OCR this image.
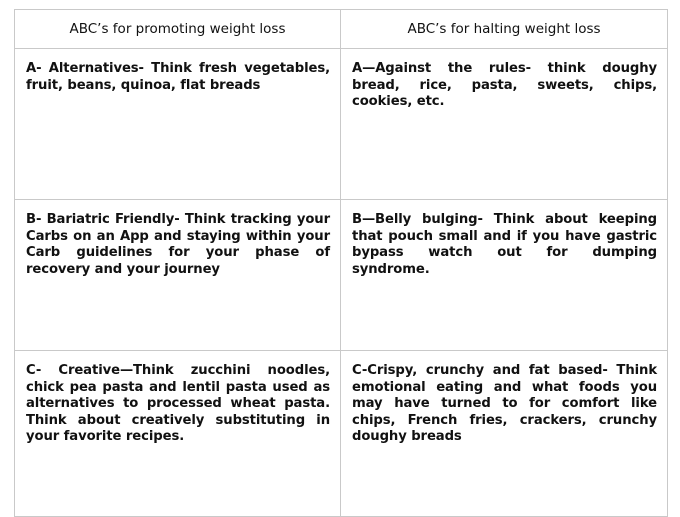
ABC’s for promoting weight loss	ABC’s for halting weight loss

A- Alternatives- Think fresh vegetables, fruit, beans, quinoa, flat breads	A—Against the rules- think doughy bread, rice, pasta, sweets, chips, cookies, etc.

B- Bariatric Friendly- Think tracking your Carbs on an App and staying within your Carb guidelines for your phase of recovery and your journey	B—Belly bulging- Think about keeping that pouch small and if you have gastric bypass watch out for dumping syndrome.

C- Creative—Think zucchini noodles, chick pea pasta and lentil pasta used as alternatives to processed wheat pasta. Think about creatively substituting in your favorite recipes.	C-Crispy, crunchy and fat based- Think emotional eating and what foods you may have turned to for comfort like chips, French fries, crackers, crunchy doughy breads
